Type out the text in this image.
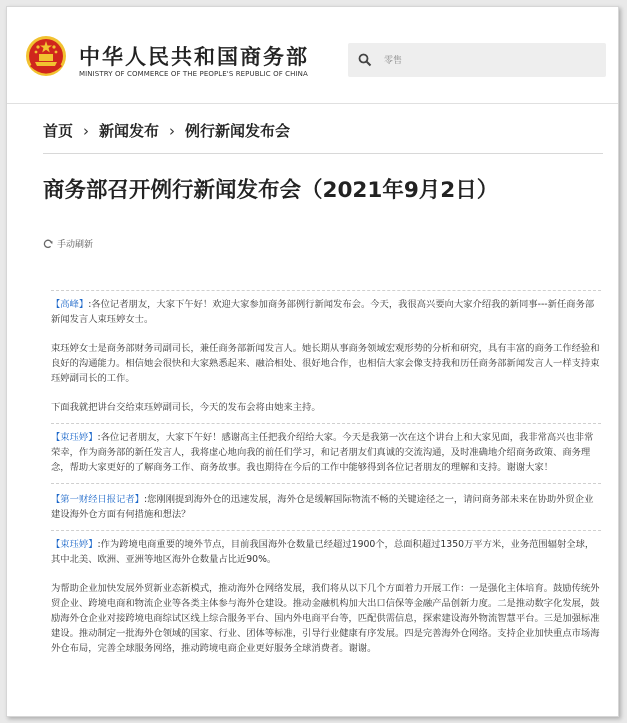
中华人民共和国商务部
MINISTRY OF COMMERCE OF THE PEOPLE'S REPUBLIC OF CHINA
零售
首页 › 新闻发布 › 例行新闻发布会
商务部召开例行新闻发布会（2021年9月2日）
手动刷新

【高峰】:各位记者朋友，大家下午好！欢迎大家参加商务部例行新闻发布会。今天，我很高兴要向大家介绍我的新同事---新任商务部新闻发言人束珏婷女士。

束珏婷女士是商务部财务司副司长，兼任商务部新闻发言人。她长期从事商务领域宏观形势的分析和研究，具有丰富的商务工作经验和良好的沟通能力。相信她会很快和大家熟悉起来、融洽相处、很好地合作，也相信大家会像支持我和历任商务部新闻发言人一样支持束珏婷副司长的工作。

下面我就把讲台交给束珏婷副司长，今天的发布会将由她来主持。

【束珏婷】:各位记者朋友，大家下午好！感谢高主任把我介绍给大家。今天是我第一次在这个讲台上和大家见面，我非常高兴也非常荣幸，作为商务部的新任发言人，我将虚心地向我的前任们学习，和记者朋友们真诚的交流沟通，及时准确地介绍商务政策、商务理念，帮助大家更好的了解商务工作、商务故事。我也期待在今后的工作中能够得到各位记者朋友的理解和支持。谢谢大家！

【第一财经日报记者】:您刚刚提到海外仓的迅速发展，海外仓是缓解国际物流不畅的关键途径之一，请问商务部未来在协助外贸企业建设海外仓方面有何措施和想法？

【束珏婷】:作为跨境电商重要的境外节点，目前我国海外仓数量已经超过1900个，总面积超过1350万平方米，业务范围辐射全球，其中北美、欧洲、亚洲等地区海外仓数量占比近90%。

为帮助企业加快发展外贸新业态新模式，推动海外仓网络发展，我们将从以下几个方面着力开展工作：一是强化主体培育。鼓励传统外贸企业、跨境电商和物流企业等各类主体参与海外仓建设。推动金融机构加大出口信保等金融产品创新力度。二是推动数字化发展，鼓励海外仓企业对接跨境电商综试区线上综合服务平台、国内外电商平台等，匹配供需信息，探索建设海外物流智慧平台。三是加强标准建设。推动制定一批海外仓领域的国家、行业、团体等标准，引导行业健康有序发展。四是完善海外仓网络。支持企业加快重点市场海外仓布局，完善全球服务网络，推动跨境电商企业更好服务全球消费者。谢谢。
